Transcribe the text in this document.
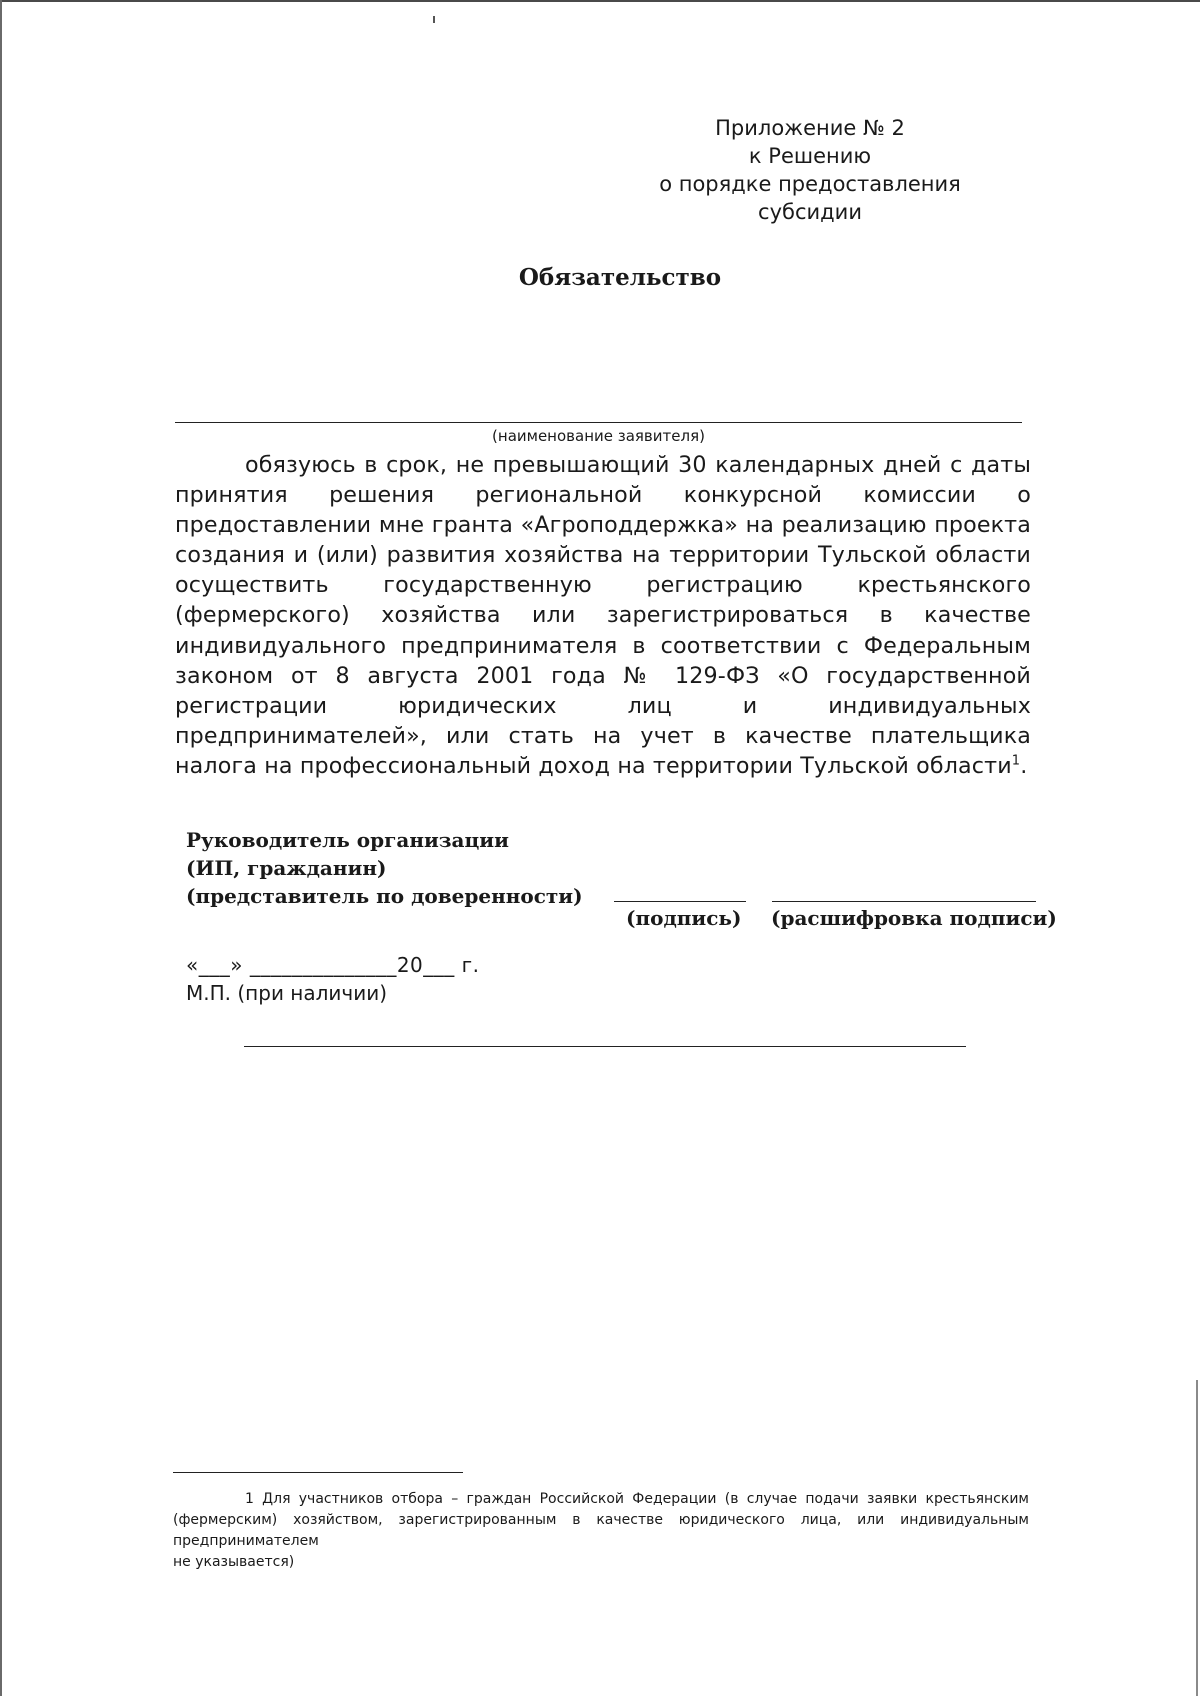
Приложение № 2
к Решению
о порядке предоставления субсидии
Обязательство
(наименование заявителя)
обязуюсь в срок, не превышающий 30 календарных дней с даты принятия решения региональной конкурсной комиссии о предоставлении мне гранта «Агроподдержка» на реализацию проекта создания и (или) развития хозяйства на территории Тульской области осуществить государственную регистрацию крестьянского (фермерского) хозяйства или зарегистрироваться в качестве индивидуального предпринимателя в соответствии с Федеральным законом от 8 августа 2001 года № 129-ФЗ «О государственной регистрации юридических лиц и индивидуальных предпринимателей», или стать на учет в качестве плательщика налога на профессиональный доход на территории Тульской области$^1$.
Руководитель организации
(ИП, гражданин)
(представитель по доверенности)
(подпись) (расшифровка подписи)
«___» ______________20___ г.
М.П. (при наличии)
1 Для участников отбора – граждан Российской Федерации (в случае подачи заявки крестьянским (фермерским) хозяйством, зарегистрированным в качестве юридического лица, или индивидуальным предпринимателем
не указывается)
